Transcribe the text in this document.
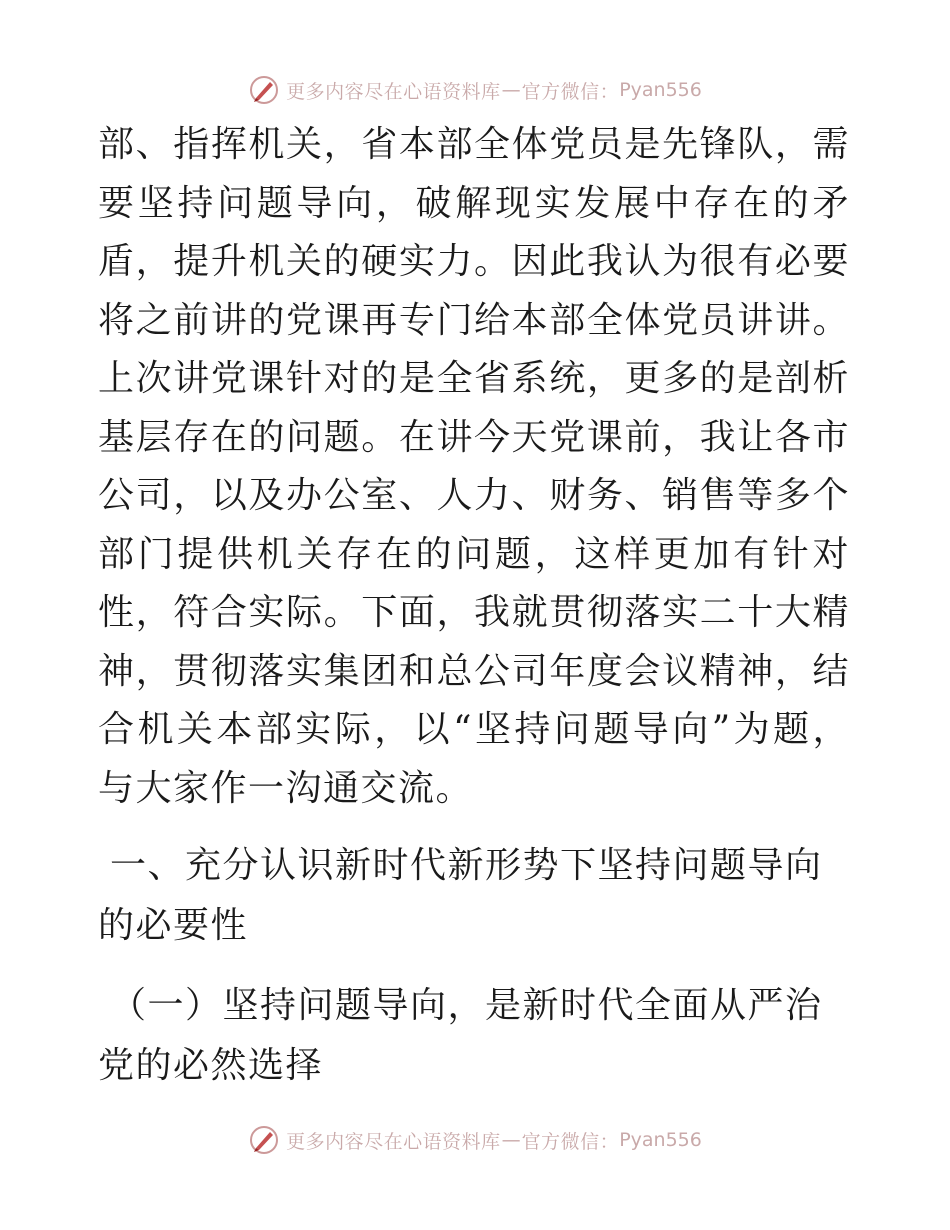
更多内容尽在心语资料库 — 官方微信： Pyan556

部、指挥机关，省本部全体党员是先锋队，需要坚持问题导向，破解现实发展中存在的矛盾，提升机关的硬实力。因此我认为很有必要将之前讲的党课再专门给本部全体党员讲讲。上次讲党课针对的是全省系统，更多的是剖析基层存在的问题。在讲今天党课前，我让各市公司，以及办公室、人力、财务、销售等多个部门提供机关存在的问题，这样更加有针对性，符合实际。下面，我就贯彻落实二十大精神，贯彻落实集团和总公司年度会议精神，结合机关本部实际，以“坚持问题导向”为题，与大家作一沟通交流。

一、充分认识新时代新形势下坚持问题导向的必要性

（一）坚持问题导向，是新时代全面从严治党的必然选择

更多内容尽在心语资料库 — 官方微信： Pyan556
